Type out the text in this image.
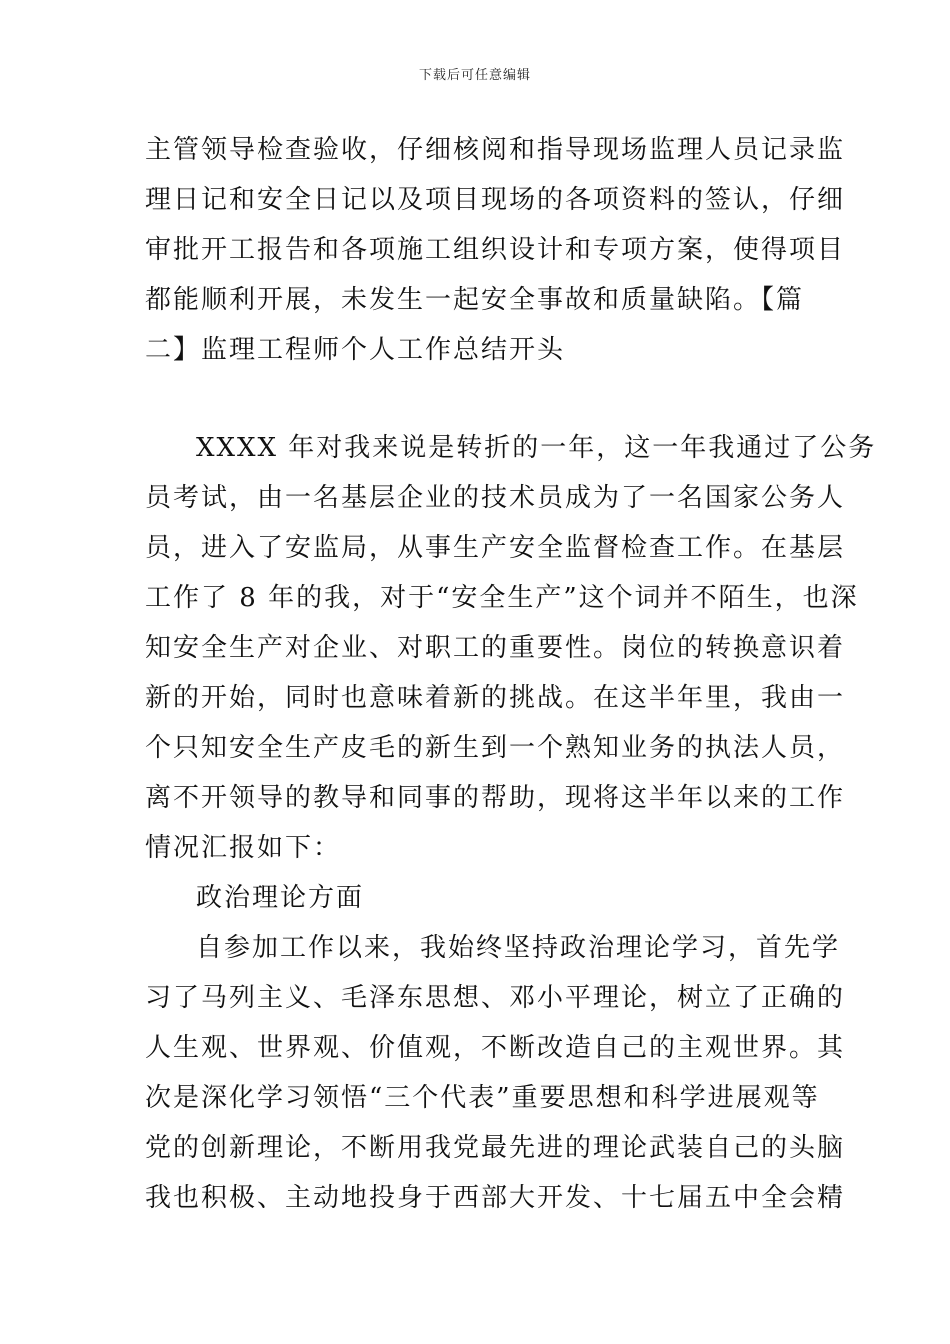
下载后可任意编辑
主管领导检查验收，仔细核阅和指导现场监理人员记录监
理日记和安全日记以及项目现场的各项资料的签认，仔细
审批开工报告和各项施工组织设计和专项方案，使得项目
都能顺利开展，未发生一起安全事故和质量缺陷。【篇
二】监理工程师个人工作总结开头
XXXX 年对我来说是转折的一年，这一年我通过了公务
员考试，由一名基层企业的技术员成为了一名国家公务人
员，进入了安监局，从事生产安全监督检查工作。在基层
工作了 8 年的我，对于“安全生产”这个词并不陌生，也深
知安全生产对企业、对职工的重要性。岗位的转换意识着
新的开始，同时也意味着新的挑战。在这半年里，我由一
个只知安全生产皮毛的新生到一个熟知业务的执法人员，
离不开领导的教导和同事的帮助，现将这半年以来的工作
情况汇报如下：
政治理论方面
自参加工作以来，我始终坚持政治理论学习，首先学
习了马列主义、毛泽东思想、邓小平理论，树立了正确的
人生观、世界观、价值观，不断改造自己的主观世界。其
次是深化学习领悟“三个代表”重要思想和科学进展观等
党的创新理论，不断用我党最先进的理论武装自己的头脑
我也积极、主动地投身于西部大开发、十七届五中全会精
